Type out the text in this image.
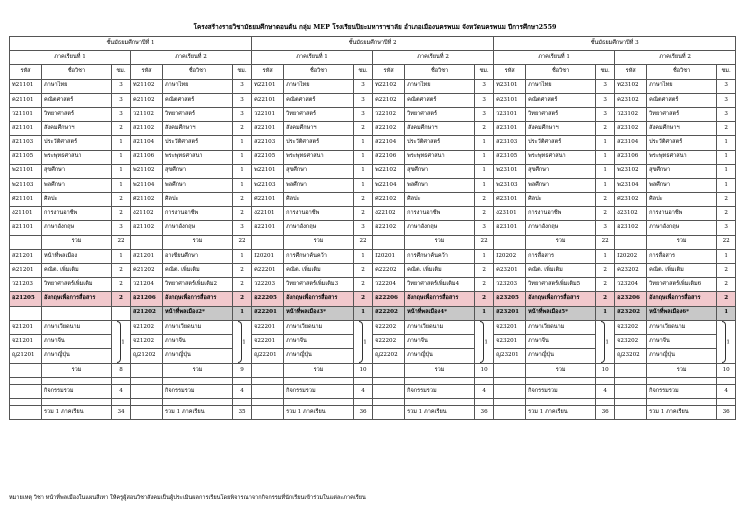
โครงสร้างรายวิชามัธยมศึกษาตอนต้น กลุ่ม MEP โรงเรียนปิยะมหาราชาลัย อำเภอเมืองนครพนม จังหวัดนครพนม ปีการศึกษา2559
ชั้นมัธยมศึกษาปีที่ 1						ชั้นมัธยมศึกษาปีที่ 2						ชั้นมัธยมศึกษาปีที่ 3					
ภาคเรียนที่ 1			ภาคเรียนที่ 2			ภาคเรียนที่ 1			ภาคเรียนที่ 2			ภาคเรียนที่ 1			ภาคเรียนที่ 2		
รหัส	ชื่อวิชา	ชม.	รหัส	ชื่อวิชา	ชม.	รหัส	ชื่อวิชา	ชม.	รหัส	ชื่อวิชา	ชม.	รหัส	ชื่อวิชา	ชม.	รหัส	ชื่อวิชา	ชม.
ท21101	ภาษาไทย	3	ท21102	ภาษาไทย	3	ท22101	ภาษาไทย	3	ท22102	ภาษาไทย	3	ท23101	ภาษาไทย	3	ท23102	ภาษาไทย	3
ค21101	คณิตศาสตร์	3	ค21102	คณิตศาสตร์	3	ค22101	คณิตศาสตร์	3	ค22102	คณิตศาสตร์	3	ค23101	คณิตศาสตร์	3	ค23102	คณิตศาสตร์	3
ว21101	วิทยาศาสตร์	3	ว21102	วิทยาศาสตร์	3	ว22101	วิทยาศาสตร์	3	ว22102	วิทยาศาสตร์	3	ว23101	วิทยาศาสตร์	3	ว23102	วิทยาศาสตร์	3
ส21101	สังคมศึกษาฯ	2	ส21102	สังคมศึกษาฯ	2	ส22101	สังคมศึกษาฯ	2	ส22102	สังคมศึกษาฯ	2	ส23101	สังคมศึกษาฯ	2	ส23102	สังคมศึกษาฯ	2
ส21103	ประวัติศาสตร์	1	ส21104	ประวัติศาสตร์	1	ส22103	ประวัติศาสตร์	1	ส22104	ประวัติศาสตร์	1	ส23103	ประวัติศาสตร์	1	ส23104	ประวัติศาสตร์	1
ส21105	พระพุทธศาสนา	1	ส21106	พระพุทธศาสนา	1	ส22105	พระพุทธศาสนา	1	ส22106	พระพุทธศาสนา	1	ส23105	พระพุทธศาสนา	1	ส23106	พระพุทธศาสนา	1
พ21101	สุขศึกษา	1	พ21102	สุขศึกษา	1	พ22101	สุขศึกษา	1	พ22102	สุขศึกษา	1	พ23101	สุขศึกษา	1	พ23102	สุขศึกษา	1
พ21103	พลศึกษา	1	พ21104	พลศึกษา	1	พ22103	พลศึกษา	1	พ22104	พลศึกษา	1	พ23103	พลศึกษา	1	พ23104	พลศึกษา	1
ศ21101	ศิลปะ	2	ศ21102	ศิลปะ	2	ศ22101	ศิลปะ	2	ศ22102	ศิลปะ	2	ศ23101	ศิลปะ	2	ศ23102	ศิลปะ	2
ง21101	การงานอาชีพ	2	ง21102	การงานอาชีพ	2	ง22101	การงานอาชีพ	2	ง22102	การงานอาชีพ	2	ง23101	การงานอาชีพ	2	ง23102	การงานอาชีพ	2
อ21101	ภาษาอังกฤษ	3	อ21102	ภาษาอังกฤษ	3	อ22101	ภาษาอังกฤษ	3	อ22102	ภาษาอังกฤษ	3	อ23101	ภาษาอังกฤษ	3	อ23102	ภาษาอังกฤษ	3
	รวม	22		รวม	22		รวม	22		รวม	22		รวม	22		รวม	22
ส21201	หน้าที่พลเมือง	1	ส21201	อาเซียนศึกษา	1	I20201	การศึกษาค้นคว้า	1	I20201	การศึกษาค้นคว้า	1	I20202	การสื่อสาร	1	I20202	การสื่อสาร	1
ค21201	คณิต. เพิ่มเติม	2	ค21202	คณิต. เพิ่มเติม	2	ค22201	คณิต. เพิ่มเติม	2	ค22202	คณิต. เพิ่มเติม	2	ค23201	คณิต. เพิ่มเติม	2	ค23202	คณิต. เพิ่มเติม	2
ว21203	วิทยาศาสตร์เพิ่มเติม	2	ว21204	วิทยาศาสตร์เพิ่มเติม2	2	ว22203	วิทยาศาสตร์เพิ่มเติม3	2	ว22204	วิทยาศาสตร์เพิ่มเติม4	2	ว23203	วิทยาศาสตร์เพิ่มเติม5	2	ว23204	วิทยาศาสตร์เพิ่มเติม6	2
อ21205	อังกฤษเพื่อการสื่อสาร	2	อ21206	อังกฤษเพื่อการสื่อสาร	2	อ22205	อังกฤษเพื่อการสื่อสาร	2	อ22206	อังกฤษเพื่อการสื่อสาร	2	อ23205	อังกฤษเพื่อการสื่อสาร	2	อ23206	อังกฤษเพื่อการสื่อสาร	2
			ส21202	หน้าที่พลเมือง2*	1	ส22201	หน้าที่พลเมือง3*	1	ส22202	หน้าที่พลเมือง4*	1	ส23201	หน้าที่พลเมือง5*	1	ส23202	หน้าที่พลเมือง6*	1
จ21201	ภาษาเวียดนาม	1	จ21202	ภาษาเวียดนาม	1	จ22201	ภาษาเวียดนาม	1	จ22202	ภาษาเวียดนาม	1	จ23201	ภาษาเวียดนาม	1	จ23202	ภาษาเวียดนาม	1
จ21201	ภาษาจีน		จ21202	ภาษาจีน		จ22201	ภาษาจีน		จ22202	ภาษาจีน		จ23201	ภาษาจีน		จ23202	ภาษาจีน	
ญ21201	ภาษาญี่ปุ่น		ญ21202	ภาษาญี่ปุ่น		ญ22201	ภาษาญี่ปุ่น		ญ22202	ภาษาญี่ปุ่น		ญ23201	ภาษาญี่ปุ่น		ญ23202	ภาษาญี่ปุ่น	
	รวม	8		รวม	9		รวม	10		รวม	10		รวม	10		รวม	10

	กิจกรรมรวม	4		กิจกรรมรวม	4		กิจกรรมรวม	4		กิจกรรมรวม	4		กิจกรรมรวม	4		กิจกรรมรวม	4

	รวม 1 ภาคเรียน	34		รวม 1 ภาคเรียน	35		รวม 1 ภาคเรียน	36		รวม 1 ภาคเรียน	36		รวม 1 ภาคเรียน	36		รวม 1 ภาคเรียน	36
หมายเหตุ วิชา หน้าที่พลเมืองในแผนสีเทา ให้ครูผู้สอนวิชาสังคมเป็นผู้ประเมินผลการเรียนโดยพิจารณาจากกิจกรรมที่นักเรียนเข้าร่วมในแต่ละภาคเรียน
